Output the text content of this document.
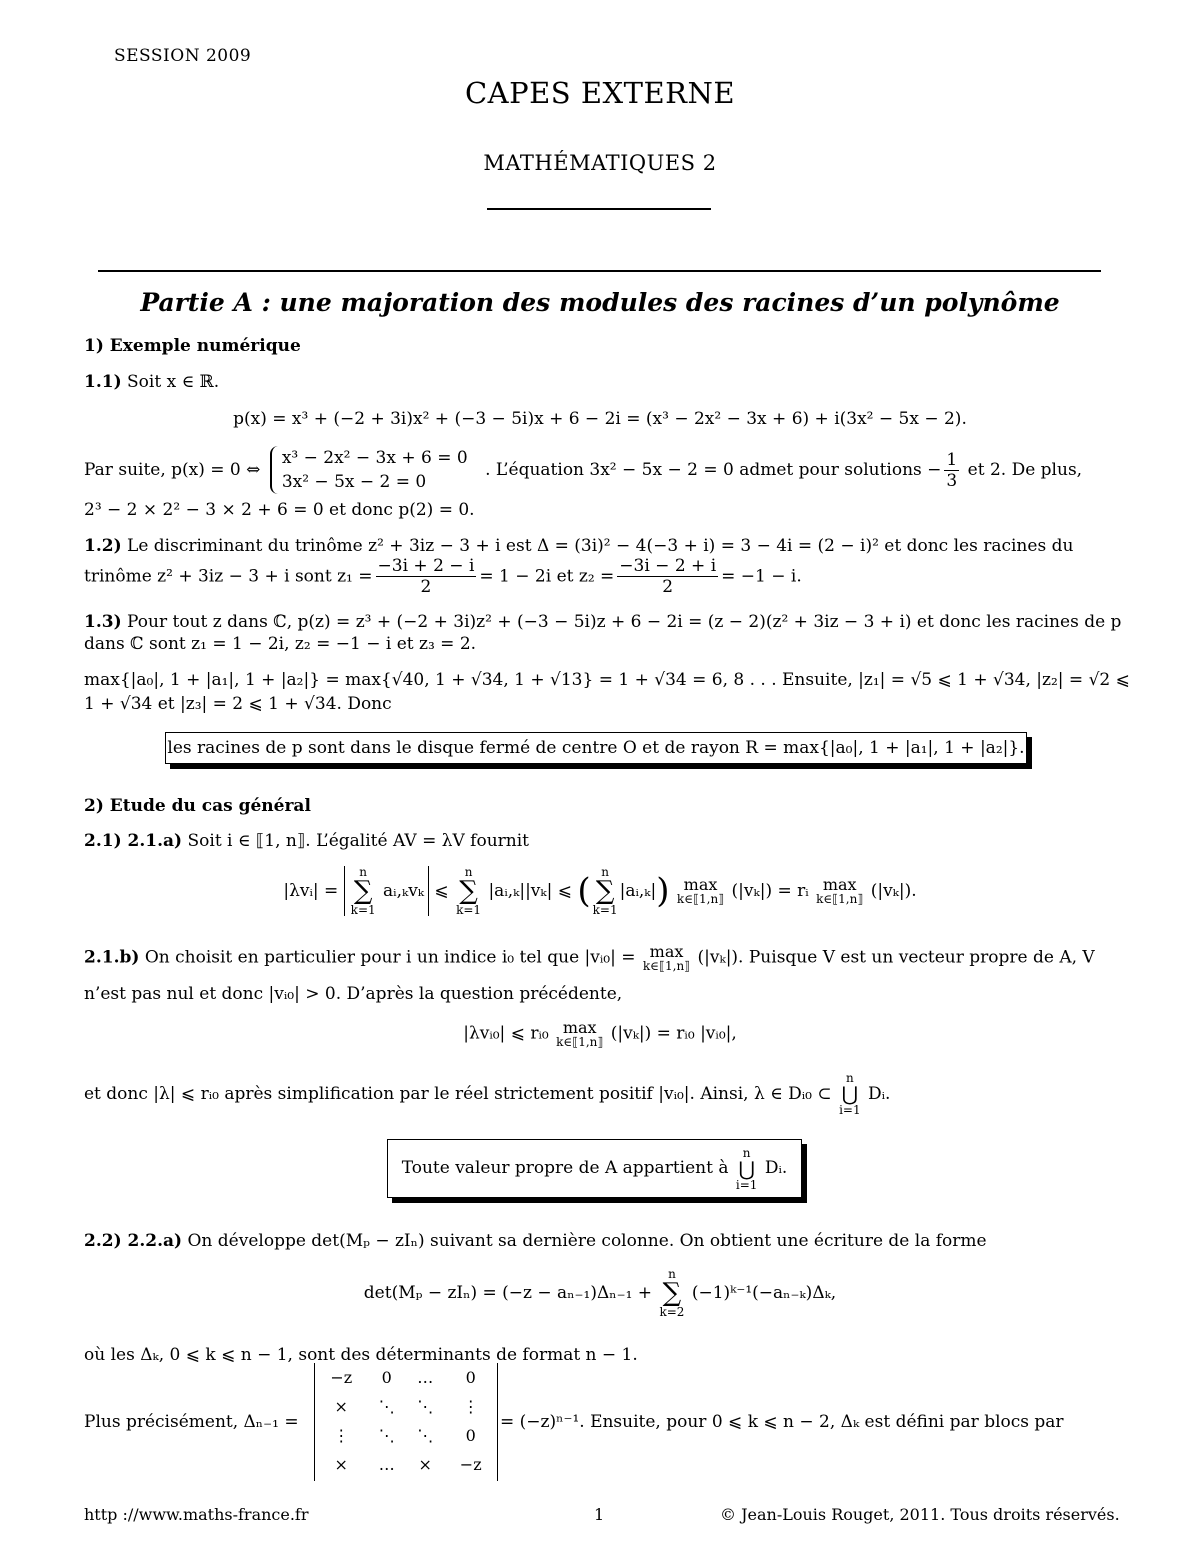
SESSION 2009
CAPES EXTERNE
MATHÉMATIQUES 2
Partie A : une majoration des modules des racines d’un polynôme
1) Exemple numérique
1.1) Soit x ∈ ℝ.
p(x) = x³ + (−2 + 3i)x² + (−3 − 5i)x + 6 − 2i = (x³ − 2x² − 3x + 6) + i(3x² − 5x − 2).
Par suite, p(x) = 0 ⇔
x³ − 2x² − 3x + 6 = 0
3x² − 5x − 2 = 0
. L’équation 3x² − 5x − 2 = 0 admet pour solutions − $\frac{1}{3}$ et 2. De plus,
2³ − 2 × 2² − 3 × 2 + 6 = 0 et donc p(2) = 0.
1.2) Le discriminant du trinôme z² + 3iz − 3 + i est Δ = (3i)² − 4(−3 + i) = 3 − 4i = (2 − i)² et donc les racines du
trinôme z² + 3iz − 3 + i sont $z_1 = \frac{-3i + 2 - i}{2} = 1 - 2i$ et $z_2 = \frac{-3i - 2 + i}{2} = -1 - i$.
1.3) Pour tout z dans ℂ, p(z) = z³ + (−2 + 3i)z² + (−3 − 5i)z + 6 − 2i = (z − 2)(z² + 3iz − 3 + i) et donc les racines de p
dans ℂ sont z₁ = 1 − 2i, z₂ = −1 − i et z₃ = 2.
max{|a₀|, 1 + |a₁|, 1 + |a₂|} = max{√40, 1 + √34, 1 + √13} = 1 + √34 = 6, 8 . . . Ensuite, |z₁| = √5 ⩽ 1 + √34, |z₂| = √2 ⩽
1 + √34 et |z₃| = 2 ⩽ 1 + √34. Donc
les racines de p sont dans le disque fermé de centre O et de rayon R = max{|a₀|, 1 + |a₁|, 1 + |a₂|}.
2) Etude du cas général
2.1) 2.1.a) Soit i ∈ ⟦1, n⟧. L’égalité AV = λV fournit
|λvᵢ| =
n
∑
k=1
aᵢ,ₖvₖ ⩽
n
∑
k=1
|aᵢ,ₖ||vₖ| ⩽ ( n
∑
k=1
|aᵢ,ₖ|) max
k∈⟦1,n⟧ (|vₖ|) = rᵢ max
k∈⟦1,n⟧ (|vₖ|).
2.1.b) On choisit en particulier pour i un indice i₀ tel que |vᵢ₀| = max
k∈⟦1,n⟧ (|vₖ|). Puisque V est un vecteur propre de A, V
n’est pas nul et donc |vᵢ₀| > 0. D’après la question précédente,
|λvᵢ₀| ⩽ rᵢ₀ max
k∈⟦1,n⟧ (|vₖ|) = rᵢ₀ |vᵢ₀|,
et donc |λ| ⩽ rᵢ₀ après simplification par le réel strictement positif |vᵢ₀|. Ainsi, λ ∈ Dᵢ₀ ⊂
n
⋃
i=1
Dᵢ.
Toute valeur propre de A appartient à
n
⋃
i=1
Dᵢ.
2.2) 2.2.a) On développe det(Mₚ − zIₙ) suivant sa dernière colonne. On obtient une écriture de la forme
det(Mₚ − zIₙ) = (−z − aₙ₋₁)Δₙ₋₁ +
n
∑
k=2
(−1)ᵏ⁻¹(−aₙ₋ₖ)Δₖ,
où les Δₖ, 0 ⩽ k ⩽ n − 1, sont des déterminants de format n − 1.
Plus précisément, Δₙ₋₁ =
−z	0	…	0
×	⋱	⋱	⋮
⋮	⋱	⋱	0
×	…	×	−z
= (−z)ⁿ⁻¹. Ensuite, pour 0 ⩽ k ⩽ n − 2, Δₖ est défini par blocs par
http ://www.maths-france.fr	1	© Jean-Louis Rouget, 2011. Tous droits réservés.
